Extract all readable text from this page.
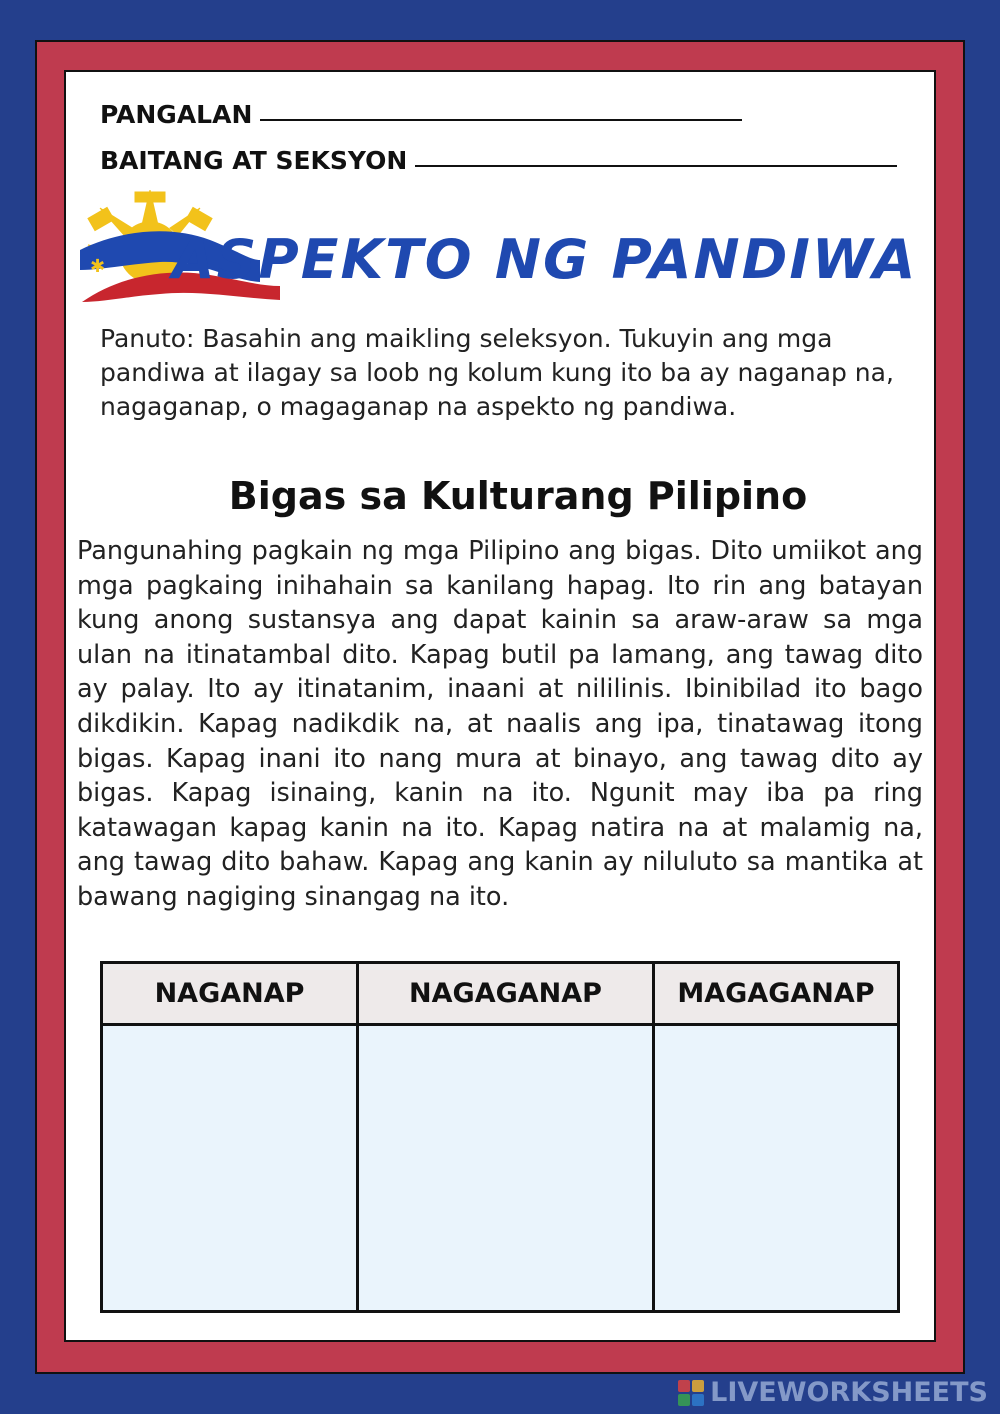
PANGALAN
BAITANG AT SEKSYON
✱ ASPEKTO NG PANDIWA
Panuto: Basahin ang maikling seleksyon. Tukuyin ang mga pandiwa at ilagay sa loob ng kolum kung ito ba ay naganap na, nagaganap, o magaganap na aspekto ng pandiwa.
Bigas sa Kulturang Pilipino
Pangunahing pagkain ng mga Pilipino ang bigas. Dito umiikot ang mga pagkaing inihahain sa kanilang hapag. Ito rin ang batayan kung anong sustansya ang dapat kainin sa araw-araw sa mga ulan na itinatambal dito. Kapag butil pa lamang, ang tawag dito ay palay. Ito ay itinatanim, inaani at nililinis. Ibinibilad ito bago dikdikin. Kapag nadikdik na, at naalis ang ipa, tinatawag itong bigas. Kapag inani ito nang mura at binayo, ang tawag dito ay bigas. Kapag isinaing, kanin na ito. Ngunit may iba pa ring katawagan kapag kanin na ito. Kapag natira na at malamig na, ang tawag dito bahaw. Kapag ang kanin ay niluluto sa mantika at bawang nagiging sinangag na ito.
NAGANAP	NAGAGANAP	MAGAGANAP
LIVEWORKSHEETS
